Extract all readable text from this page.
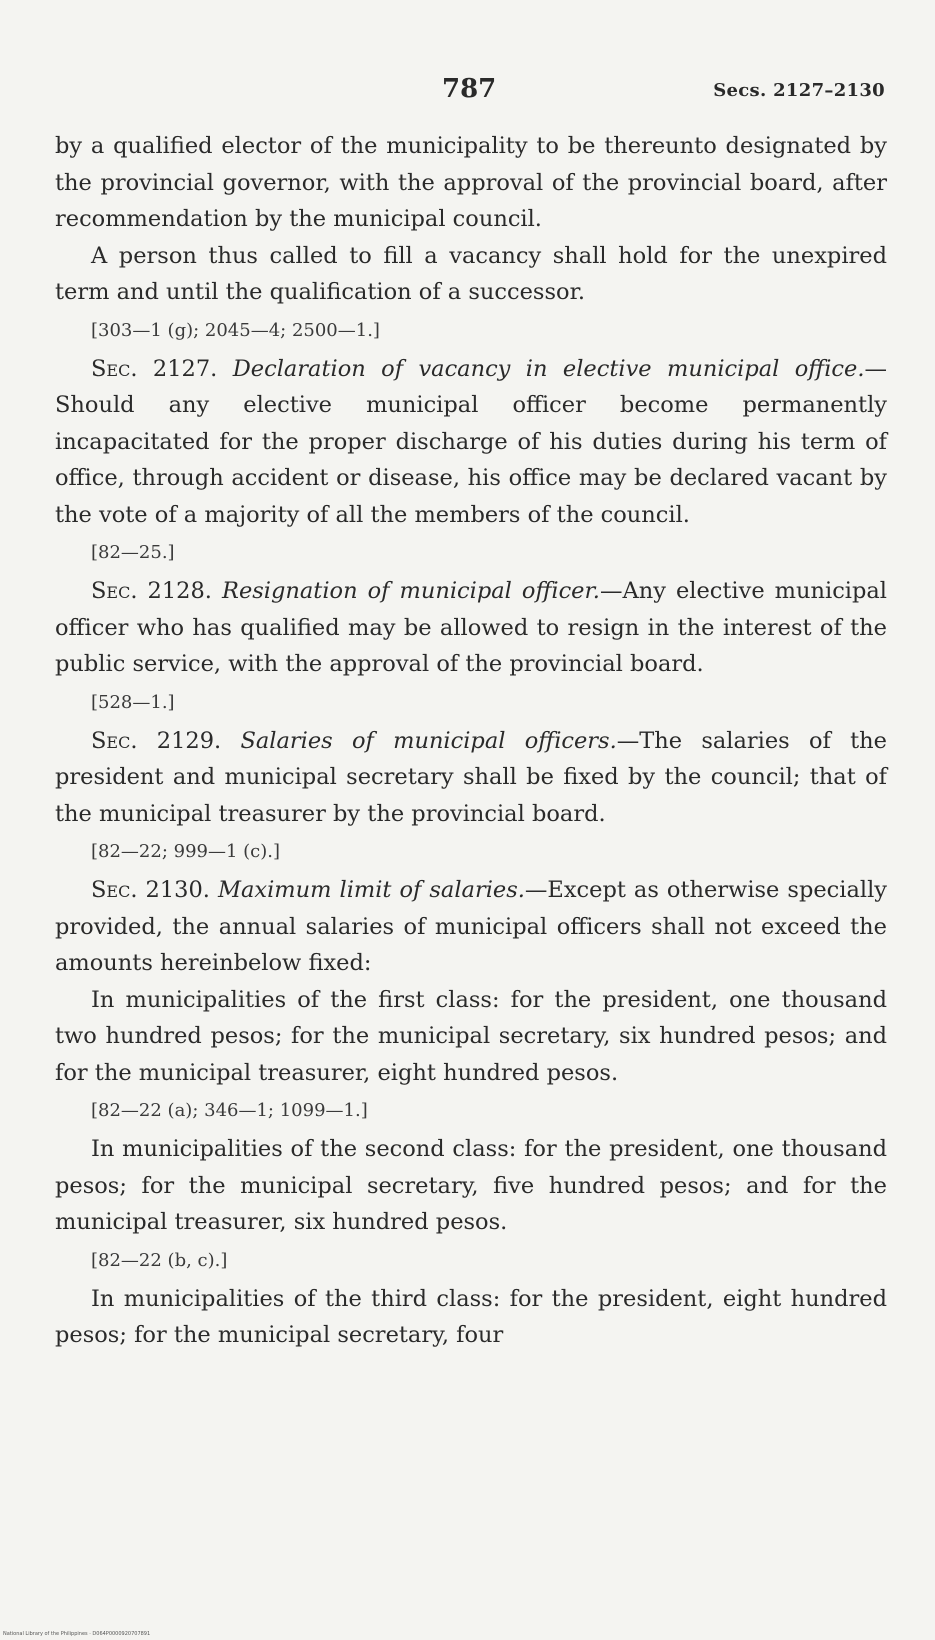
787	Secs. 2127–2130

by a qualified elector of the municipality to be thereunto designated by the provincial governor, with the approval of the provincial board, after recommendation by the municipal council.

A person thus called to fill a vacancy shall hold for the unexpired term and until the qualification of a successor.

[303—1 (g); 2045—4; 2500—1.]

Sec. 2127. Declaration of vacancy in elective municipal office.—Should any elective municipal officer become permanently incapacitated for the proper discharge of his duties during his term of office, through accident or disease, his office may be declared vacant by the vote of a majority of all the members of the council.

[82—25.]

Sec. 2128. Resignation of municipal officer.—Any elective municipal officer who has qualified may be allowed to resign in the interest of the public service, with the approval of the provincial board.

[528—1.]

Sec. 2129. Salaries of municipal officers.—The salaries of the president and municipal secretary shall be fixed by the council; that of the municipal treasurer by the provincial board.

[82—22; 999—1 (c).]

Sec. 2130. Maximum limit of salaries.—Except as otherwise specially provided, the annual salaries of municipal officers shall not exceed the amounts hereinbelow fixed:

In municipalities of the first class: for the president, one thousand two hundred pesos; for the municipal secretary, six hundred pesos; and for the municipal treasurer, eight hundred pesos.

[82—22 (a); 346—1; 1099—1.]

In municipalities of the second class: for the president, one thousand pesos; for the municipal secretary, five hundred pesos; and for the municipal treasurer, six hundred pesos.

[82—22 (b, c).]

In municipalities of the third class: for the president, eight hundred pesos; for the municipal secretary, four

National Library of the Philippines · D064P0000920707891
